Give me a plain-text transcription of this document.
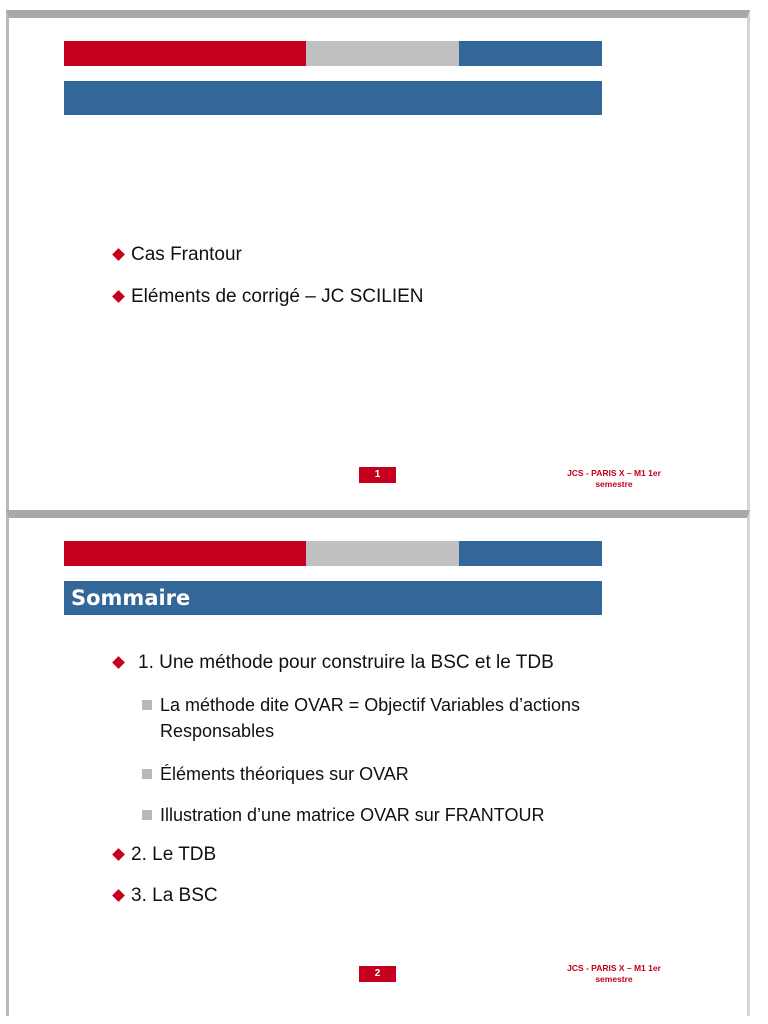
Cas Frantour
Eléments de corrigé – JC SCILIEN
1	JCS - PARIS X – M1 1er semestre
Sommaire
1. Une méthode pour construire la BSC et le TDB
La méthode dite OVAR = Objectif Variables d’actions Responsables
Éléments théoriques sur OVAR
Illustration d’une matrice OVAR sur FRANTOUR
2. Le TDB
3. La BSC
2	JCS - PARIS X – M1 1er semestre
